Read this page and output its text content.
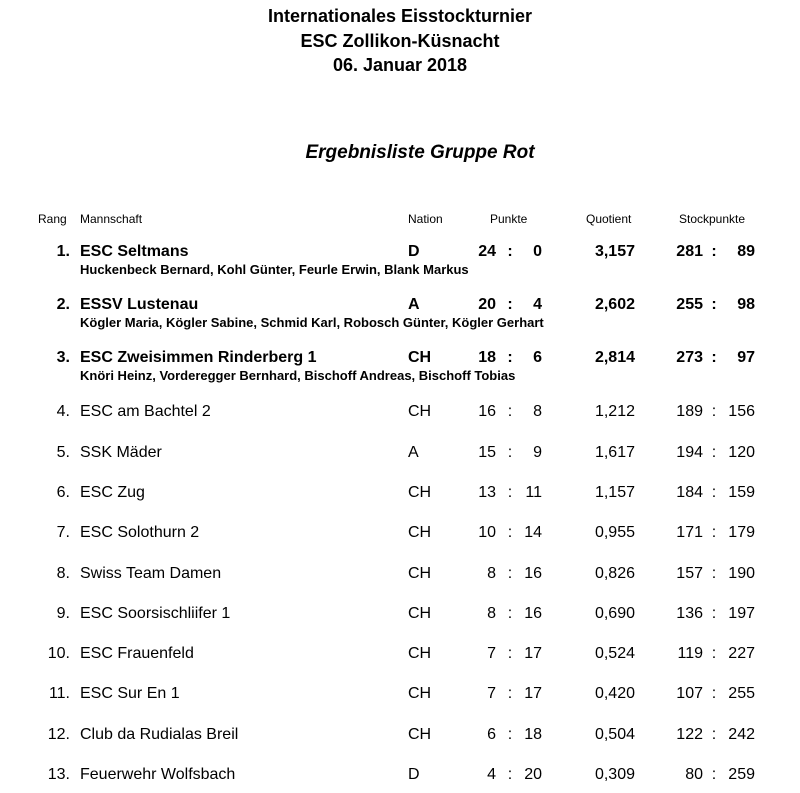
Internationales Eisstockturnier
ESC Zollikon-Küsnacht
06. Januar 2018
Ergebnisliste Gruppe Rot
Rang Mannschaft	Nation	Punkte	Quotient	Stockpunkte
1. ESC Seltmans	D	24 :	0	3,157	281 :	89
Huckenbeck Bernard, Kohl Günter, Feurle Erwin, Blank Markus
2. ESSV Lustenau	A	20 :	4	2,602	255 :	98
Kögler Maria, Kögler Sabine, Schmid Karl, Robosch Günter, Kögler Gerhart
3. ESC Zweisimmen Rinderberg 1	CH	18 :	6	2,814	273 :	97
Knöri Heinz, Vorderegger Bernhard, Bischoff Andreas, Bischoff Tobias
4. ESC am Bachtel 2	CH	16 :	8	1,212	189 : 156
5. SSK Mäder	A	15 :	9	1,617	194 : 120
6. ESC Zug	CH	13 : 11	1,157	184 : 159
7. ESC Solothurn 2	CH	10 : 14	0,955	171 : 179
8. Swiss Team Damen	CH	8 : 16	0,826	157 : 190
9. ESC Soorsischliifer 1	CH	8 : 16	0,690	136 : 197
10. ESC Frauenfeld	CH	7 : 17	0,524	119 : 227
11. ESC Sur En 1	CH	7 : 17	0,420	107 : 255
12. Club da Rudialas Breil	CH	6 : 18	0,504	122 : 242
13. Feuerwehr Wolfsbach	D	4 : 20	0,309	80 : 259
